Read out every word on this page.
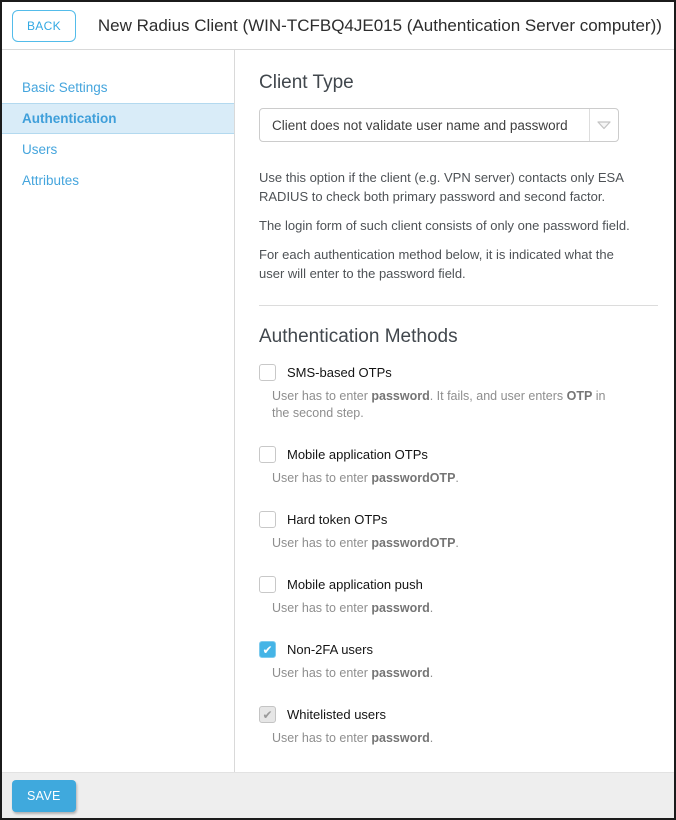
BACK	New Radius Client (WIN-TCFBQ4JE015 (Authentication Server computer))
Basic Settings
Authentication
Users
Attributes
Client Type
Client does not validate user name and password
Use this option if the client (e.g. VPN server) contacts only ESA RADIUS to check both primary password and second factor.
The login form of such client consists of only one password field.
For each authentication method below, it is indicated what the user will enter to the password field.
Authentication Methods
SMS-based OTPs
User has to enter password. It fails, and user enters OTP in the second step.
Mobile application OTPs
User has to enter passwordOTP.
Hard token OTPs
User has to enter passwordOTP.
Mobile application push
User has to enter password.
✔ Non-2FA users
User has to enter password.
✔ Whitelisted users
User has to enter password.
SAVE
